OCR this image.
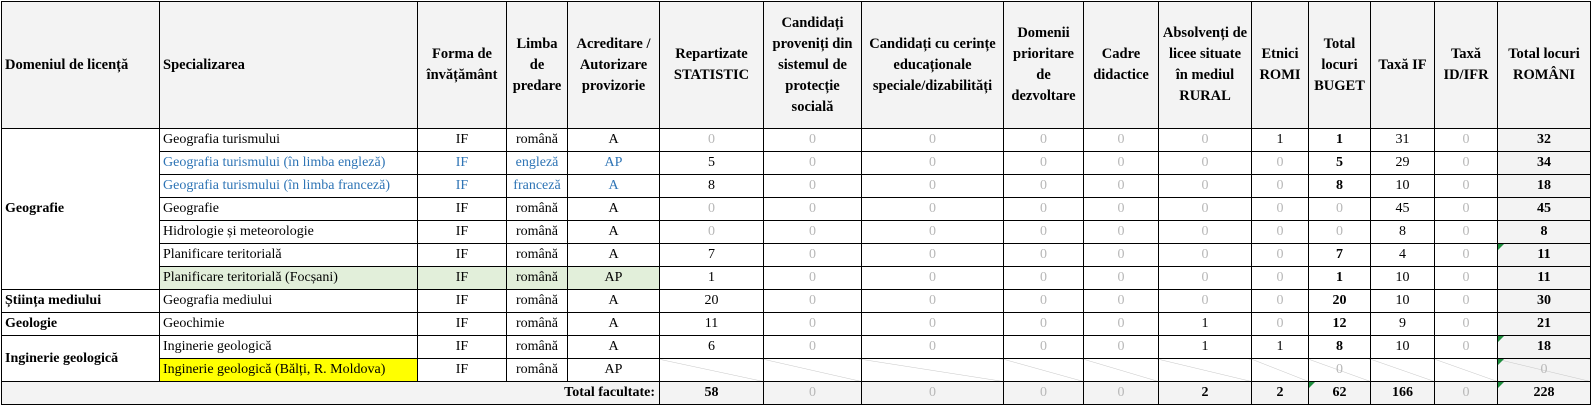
Domeniul de licență	Specializarea	Forma de învățământ	Limba de predare	Acreditare / Autorizare provizorie	Repartizate STATISTIC	Candidați proveniți din sistemul de protecție socială	Candidați cu cerințe educaționale speciale/dizabilități	Domenii prioritare de dezvoltare	Cadre didactice	Absolvenți de licee situate în mediul RURAL	Etnici ROMI	Total locuri BUGET	Taxă IF	Taxă ID/IFR	Total locuri ROMÂNI
Geografie	Geografia turismului	IF	română	A	0	0	0	0	0	0	1	1	31	0	32
	Geografia turismului (în limba engleză)	IF	engleză	AP	5	0	0	0	0	0	0	5	29	0	34
	Geografia turismului (în limba franceză)	IF	franceză	A	8	0	0	0	0	0	0	8	10	0	18
	Geografie	IF	română	A	0	0	0	0	0	0	0	0	45	0	45
	Hidrologie și meteorologie	IF	română	A	0	0	0	0	0	0	0	0	8	0	8
	Planificare teritorială	IF	română	A	7	0	0	0	0	0	0	7	4	0	11
	Planificare teritorială (Focșani)	IF	română	AP	1	0	0	0	0	0	0	1	10	0	11
Știința mediului	Geografia mediului	IF	română	A	20	0	0	0	0	0	0	20	10	0	30
Geologie	Geochimie	IF	română	A	11	0	0	0	0	1	0	12	9	0	21
Inginerie geologică	Inginerie geologică	IF	română	A	6	0	0	0	0	1	1	8	10	0	18
	Inginerie geologică (Bălți, R. Moldova)	IF	română	AP								0			0
Total facultate:					58	0	0	0	0	2	2	62	166	0	228
